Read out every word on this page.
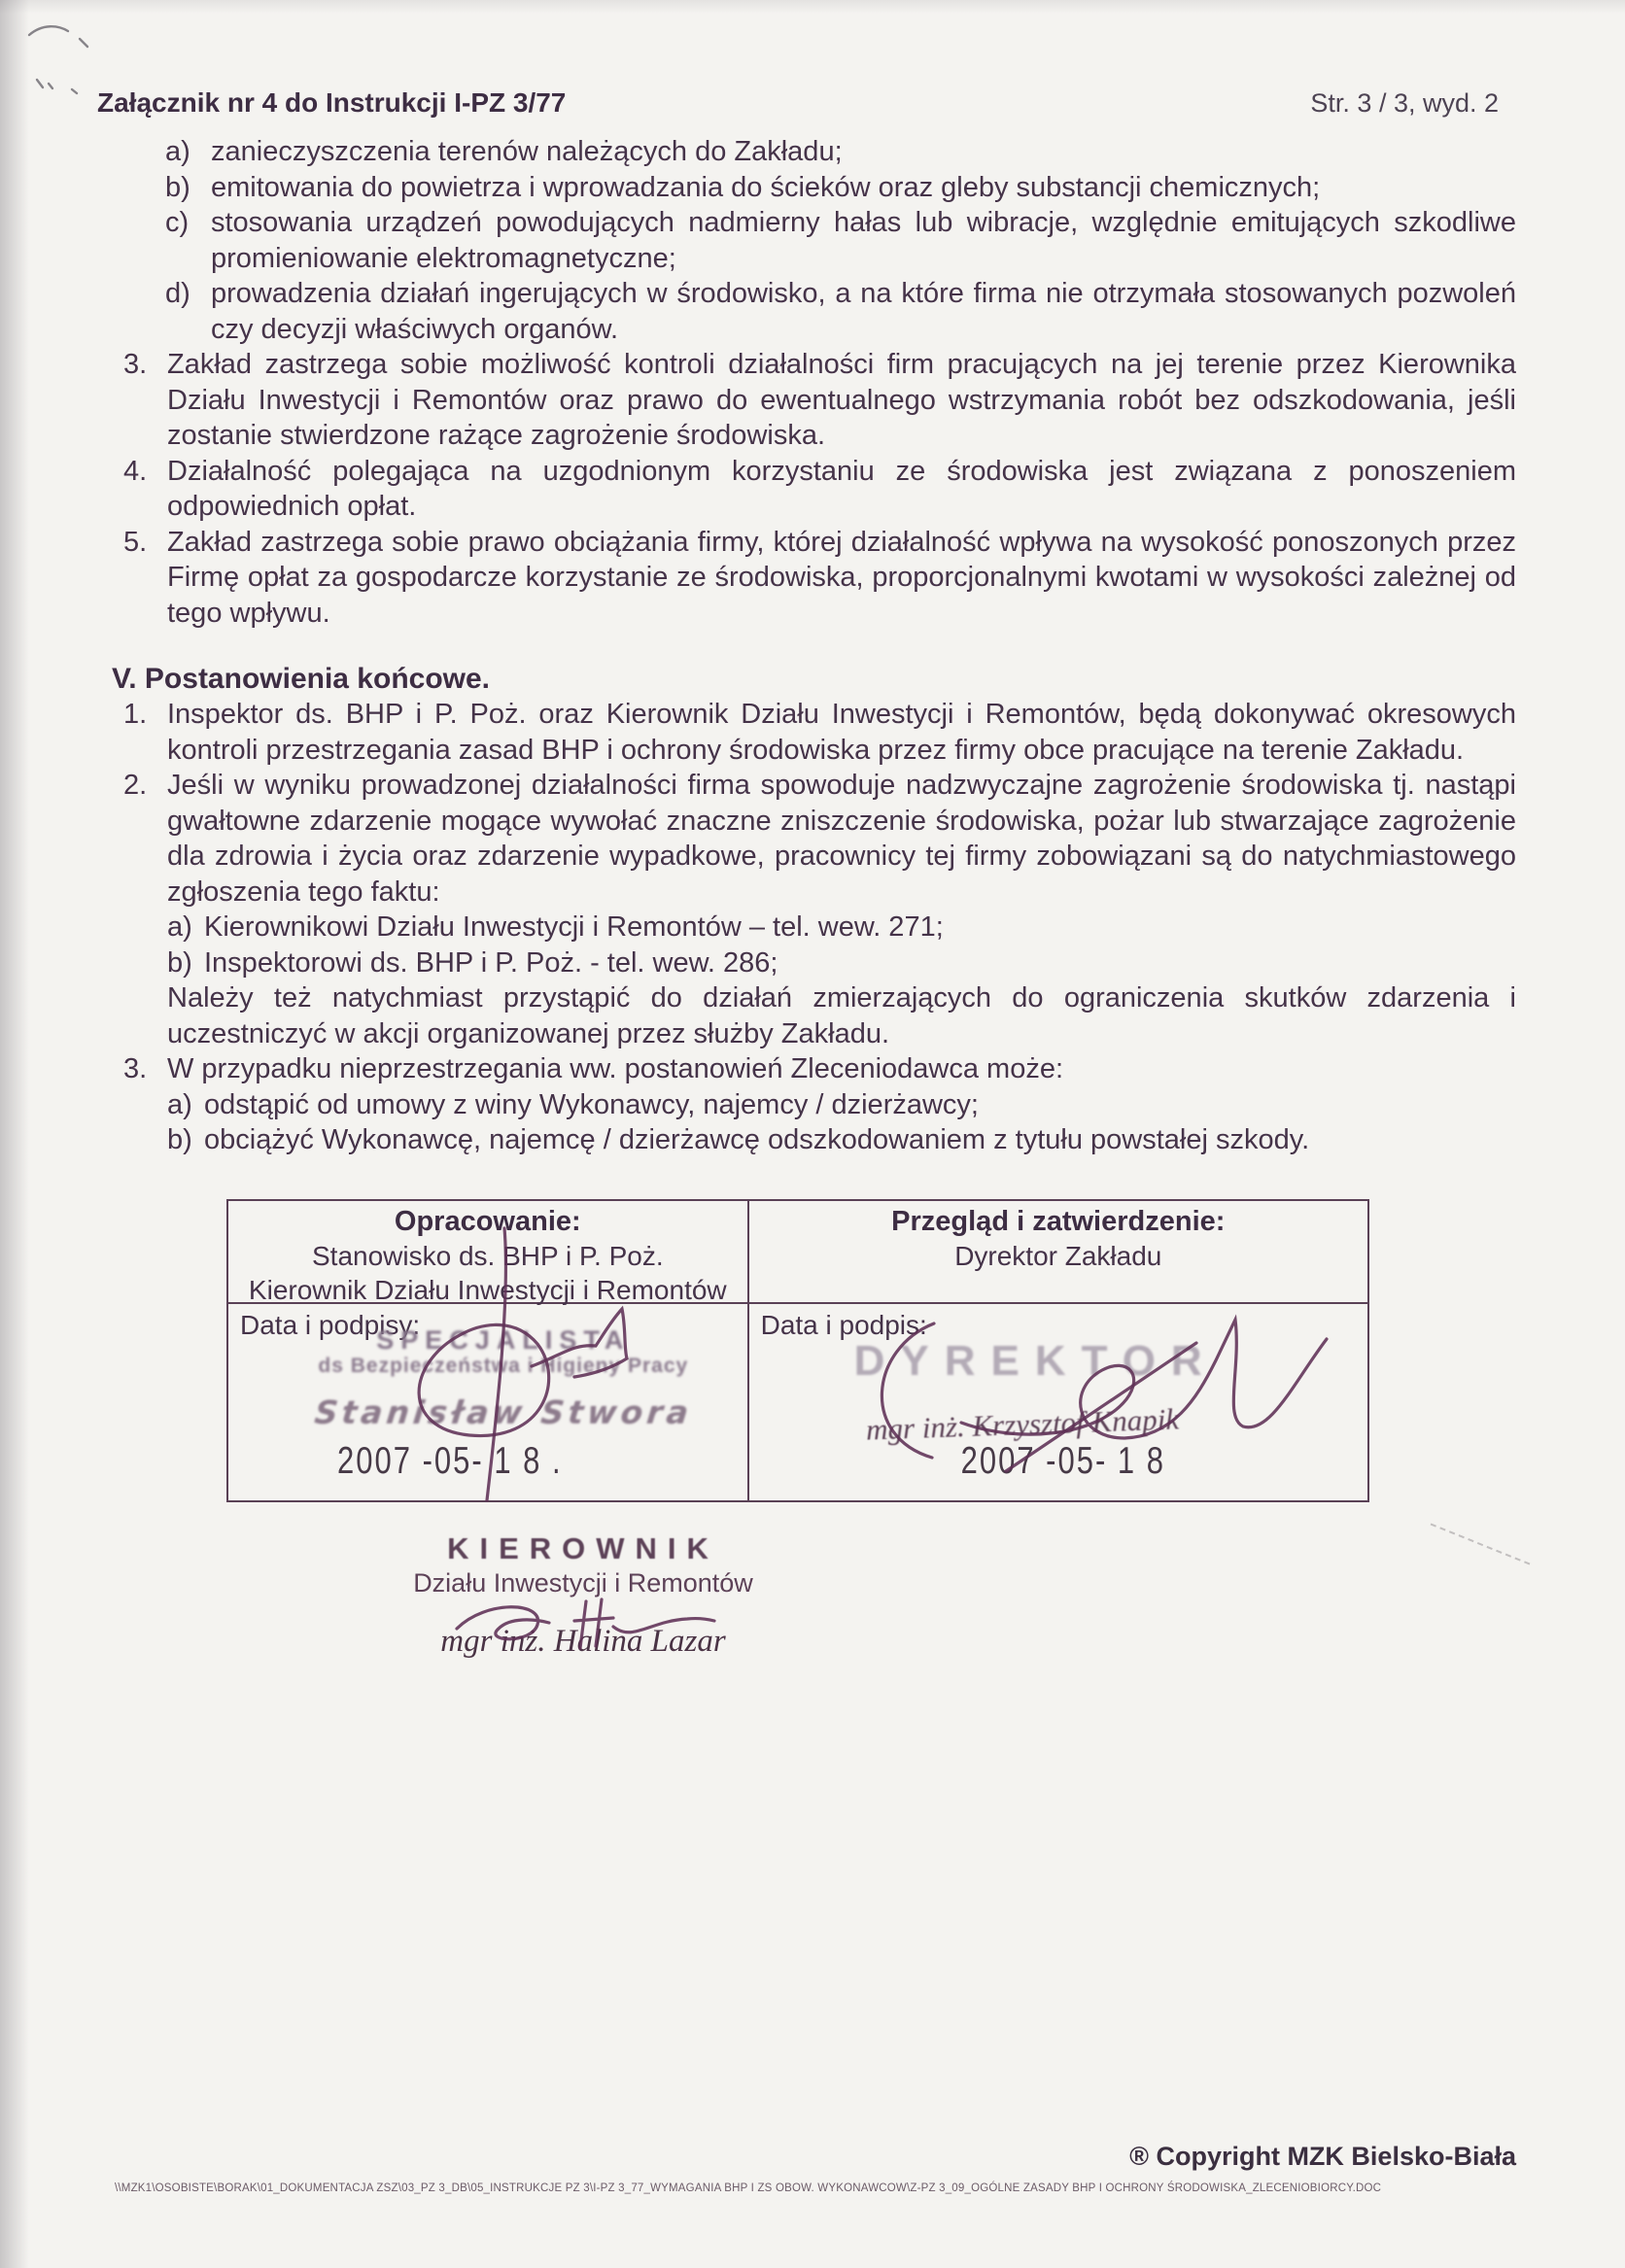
Załącznik nr 4 do Instrukcji I-PZ 3/77	Str. 3 / 3, wyd. 2
a) zanieczyszczenia terenów należących do Zakładu;
b) emitowania do powietrza i wprowadzania do ścieków oraz gleby substancji chemicznych;
c) stosowania urządzeń powodujących nadmierny hałas lub wibracje, względnie emitujących szkodliwe promieniowanie elektromagnetyczne;
d) prowadzenia działań ingerujących w środowisko, a na które firma nie otrzymała stosowanych pozwoleń czy decyzji właściwych organów.
3. Zakład zastrzega sobie możliwość kontroli działalności firm pracujących na jej terenie przez Kierownika Działu Inwestycji i Remontów oraz prawo do ewentualnego wstrzymania robót bez odszkodowania, jeśli zostanie stwierdzone rażące zagrożenie środowiska.
4. Działalność polegająca na uzgodnionym korzystaniu ze środowiska jest związana z ponoszeniem odpowiednich opłat.
5. Zakład zastrzega sobie prawo obciążania firmy, której działalność wpływa na wysokość ponoszonych przez Firmę opłat za gospodarcze korzystanie ze środowiska, proporcjonalnymi kwotami w wysokości zależnej od tego wpływu.
V. Postanowienia końcowe.
1. Inspektor ds. BHP i P. Poż. oraz Kierownik Działu Inwestycji i Remontów, będą dokonywać okresowych kontroli przestrzegania zasad BHP i ochrony środowiska przez firmy obce pracujące na terenie Zakładu.
2. Jeśli w wyniku prowadzonej działalności firma spowoduje nadzwyczajne zagrożenie środowiska tj. nastąpi gwałtowne zdarzenie mogące wywołać znaczne zniszczenie środowiska, pożar lub stwarzające zagrożenie dla zdrowia i życia oraz zdarzenie wypadkowe, pracownicy tej firmy zobowiązani są do natychmiastowego zgłoszenia tego faktu:
a) Kierownikowi Działu Inwestycji i Remontów – tel. wew. 271;
b) Inspektorowi ds. BHP i P. Poż. - tel. wew. 286;
Należy też natychmiast przystąpić do działań zmierzających do ograniczenia skutków zdarzenia i uczestniczyć w akcji organizowanej przez służby Zakładu.
3. W przypadku nieprzestrzegania ww. postanowień Zleceniodawca może:
a) odstąpić od umowy z winy Wykonawcy, najemcy / dzierżawcy;
b) obciążyć Wykonawcę, najemcę / dzierżawcę odszkodowaniem z tytułu powstałej szkody.
Opracowanie:
Stanowisko ds. BHP i P. Poż.
Kierownik Działu Inwestycji i Remontów
Przegląd i zatwierdzenie:
Dyrektor Zakładu
Data i podpisy:
SPECJALISTA
ds Bezpieczeństwa i Higieny Pracy
Stanisław Stwora
2007 -05- 1 8 .
Data i podpis:
DYREKTOR
mgr inż. Krzysztof Knapik
2007 -05- 1 8
KIEROWNIK
Działu Inwestycji i Remontów
mgr inż. Halina Lazar
\\MZK1\OSOBISTE\BORAK\01_DOKUMENTACJA ZSZ\03_PZ 3_DB\05_INSTRUKCJE PZ 3\I-PZ 3_77_WYMAGANIA BHP I ZS OBOW. WYKONAWCOW\Z-PZ 3_09_OGÓLNE ZASADY BHP I OCHRONY ŚRODOWISKA_ZLECENIOBIORCY.DOC
® Copyright MZK Bielsko-Biała
